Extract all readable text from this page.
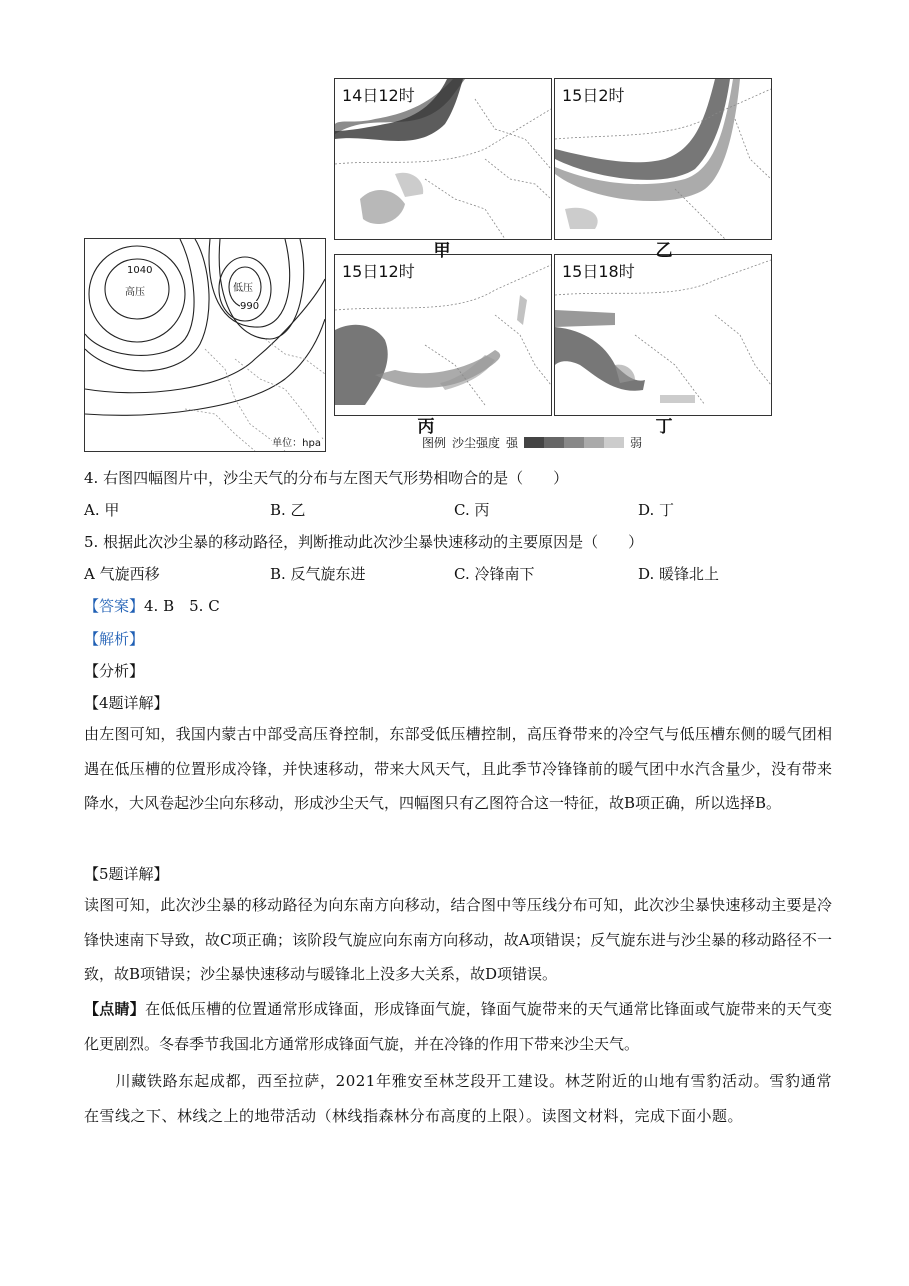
1040
高压	低压
990
单位：hpa
14日12时	15日2时
15日12时	15日18时
甲	乙
丙	丁
图例 沙尘强度 强	弱
4. 右图四幅图片中，沙尘天气的分布与左图天气形势相吻合的是（　　）
A. 甲	B. 乙	C. 丙	D. 丁
5. 根据此次沙尘暴的移动路径，判断推动此次沙尘暴快速移动的主要原因是（　　）
A 气旋西移	B. 反气旋东进	C. 冷锋南下	D. 暖锋北上
【答案】4. B　5. C
【解析】
【分析】
【4题详解】
由左图可知，我国内蒙古中部受高压脊控制，东部受低压槽控制，高压脊带来的冷空气与低压槽东侧的暖气团相遇在低压槽的位置形成冷锋，并快速移动，带来大风天气，且此季节冷锋锋前的暖气团中水汽含量少，没有带来降水，大风卷起沙尘向东移动，形成沙尘天气，四幅图只有乙图符合这一特征，故B项正确，所以选择B。
【5题详解】
读图可知，此次沙尘暴的移动路径为向东南方向移动，结合图中等压线分布可知，此次沙尘暴快速移动主要是冷锋快速南下导致，故C项正确；该阶段气旋应向东南方向移动，故A项错误；反气旋东进与沙尘暴的移动路径不一致，故B项错误；沙尘暴快速移动与暖锋北上没多大关系，故D项错误。
【点睛】在低低压槽的位置通常形成锋面，形成锋面气旋，锋面气旋带来的天气通常比锋面或气旋带来的天气变化更剧烈。冬春季节我国北方通常形成锋面气旋，并在冷锋的作用下带来沙尘天气。
　　川藏铁路东起成都，西至拉萨，2021年雅安至林芝段开工建设。林芝附近的山地有雪豹活动。雪豹通常在雪线之下、林线之上的地带活动（林线指森林分布高度的上限）。读图文材料，完成下面小题。
